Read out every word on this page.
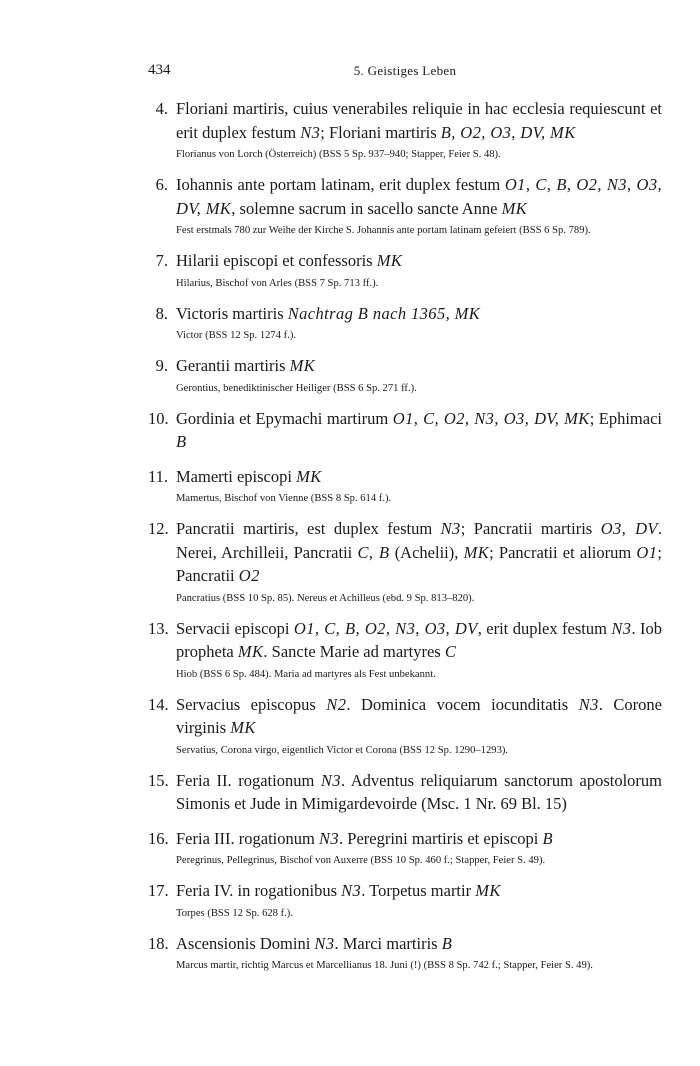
434	5. Geistiges Leben
4. Floriani martiris, cuius venerabiles reliquie in hac ecclesia requiescunt et erit duplex festum N3; Floriani martiris B, O2, O3, DV, MK
Florianus von Lorch (Österreich) (BSS 5 Sp. 937–940; Stapper, Feier S. 48).
6. Iohannis ante portam latinam, erit duplex festum O1, C, B, O2, N3, O3, DV, MK, solemne sacrum in sacello sancte Anne MK
Fest erstmals 780 zur Weihe der Kirche S. Johannis ante portam latinam gefeiert (BSS 6 Sp. 789).
7. Hilarii episcopi et confessoris MK
Hilarius, Bischof von Arles (BSS 7 Sp. 713 ff.).
8. Victoris martiris Nachtrag B nach 1365, MK
Victor (BSS 12 Sp. 1274 f.).
9. Gerantii martiris MK
Gerontius, benediktinischer Heiliger (BSS 6 Sp. 271 ff.).
10. Gordinia et Epymachi martirum O1, C, O2, N3, O3, DV, MK; Ephimaci B
11. Mamerti episcopi MK
Mamertus, Bischof von Vienne (BSS 8 Sp. 614 f.).
12. Pancratii martiris, est duplex festum N3; Pancratii martiris O3, DV. Nerei, Archilleii, Pancratii C, B (Achelii), MK; Pancratii et aliorum O1; Pancratii O2
Pancratius (BSS 10 Sp. 85). Nereus et Achilleus (ebd. 9 Sp. 813–820).
13. Servacii episcopi O1, C, B, O2, N3, O3, DV, erit duplex festum N3. Iob propheta MK. Sancte Marie ad martyres C
Hiob (BSS 6 Sp. 484). Maria ad martyres als Fest unbekannt.
14. Servacius episcopus N2. Dominica vocem iocunditatis N3. Corone virginis MK
Servatius, Corona virgo, eigentlich Victor et Corona (BSS 12 Sp. 1290–1293).
15. Feria II. rogationum N3. Adventus reliquiarum sanctorum apostolorum Simonis et Jude in Mimigardevoirde (Msc. 1 Nr. 69 Bl. 15)
16. Feria III. rogationum N3. Peregrini martiris et episcopi B
Peregrinus, Pellegrinus, Bischof von Auxerre (BSS 10 Sp. 460 f.; Stapper, Feier S. 49).
17. Feria IV. in rogationibus N3. Torpetus martir MK
Torpes (BSS 12 Sp. 628 f.).
18. Ascensionis Domini N3. Marci martiris B
Marcus martir, richtig Marcus et Marcellianus 18. Juni (!) (BSS 8 Sp. 742 f.; Stapper, Feier S. 49).
